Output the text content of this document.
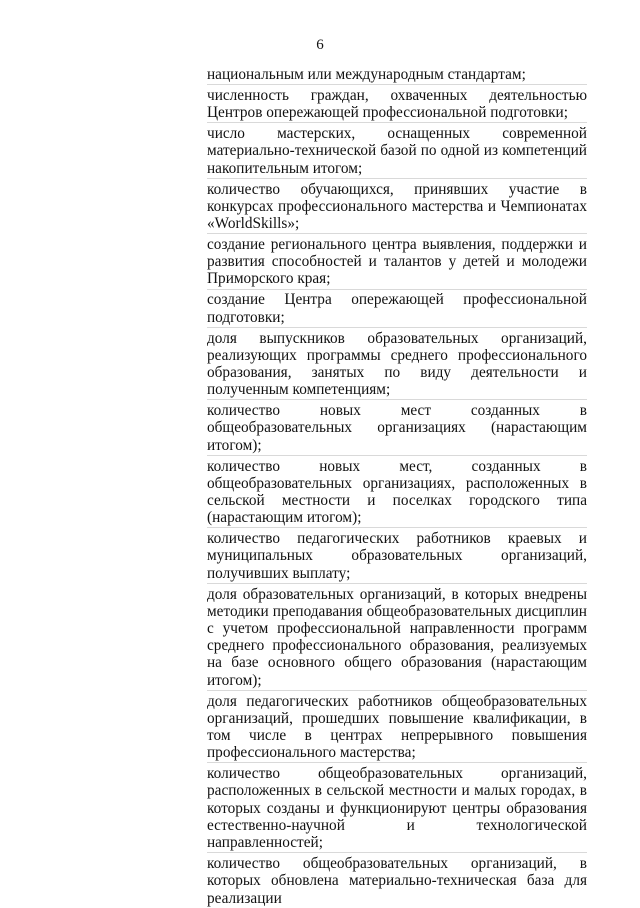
6

национальным или международным стандартам;

численность граждан, охваченных деятельностью Центров опережающей профессиональной подготовки;

число мастерских, оснащенных современной материально-технической базой по одной из компетенций накопительным итогом;

количество обучающихся, принявших участие в конкурсах профессионального мастерства и Чемпионатах «WorldSkills»;

создание регионального центра выявления, поддержки и развития способностей и талантов у детей и молодежи Приморского края;

создание Центра опережающей профессиональной подготовки;

доля выпускников образовательных организаций, реализующих программы среднего профессионального образования, занятых по виду деятельности и полученным компетенциям;

количество новых мест созданных в общеобразовательных организациях (нарастающим итогом);

количество новых мест, созданных в общеобразовательных организациях, расположенных в сельской местности и поселках городского типа (нарастающим итогом);

количество педагогических работников краевых и муниципальных образовательных организаций, получивших выплату;

доля образовательных организаций, в которых внедрены методики преподавания общеобразовательных дисциплин с учетом профессиональной направленности программ среднего профессионального образования, реализуемых на базе основного общего образования (нарастающим итогом);

доля педагогических работников общеобразовательных организаций, прошедших повышение квалификации, в том числе в центрах непрерывного повышения профессионального мастерства;

количество общеобразовательных организаций, расположенных в сельской местности и малых городах, в которых созданы и функционируют центры образования естественно-научной и технологической направленностей;

количество общеобразовательных организаций, в которых обновлена материально-техническая база для реализации
